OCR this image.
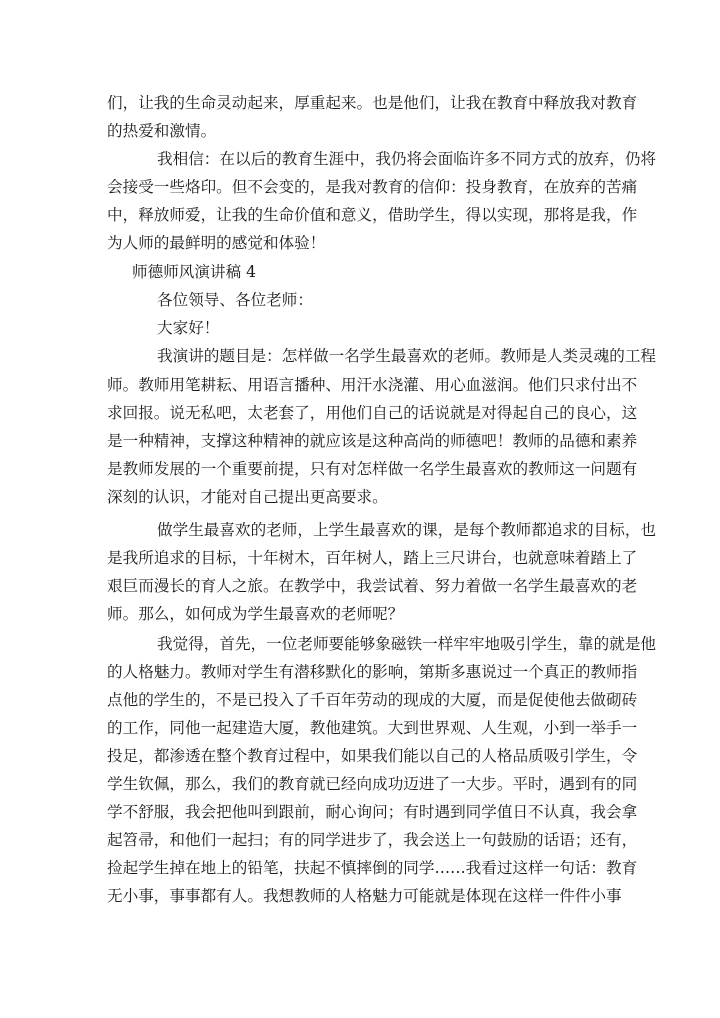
们，让我的生命灵动起来，厚重起来。也是他们，让我在教育中释放我对教育
的热爱和激情。
我相信：在以后的教育生涯中，我仍将会面临许多不同方式的放弃，仍将
会接受一些烙印。但不会变的，是我对教育的信仰：投身教育，在放弃的苦痛
中，释放师爱，让我的生命价值和意义，借助学生，得以实现，那将是我，作
为人师的最鲜明的感觉和体验！
师德师风演讲稿 4
各位领导、各位老师：
大家好！
我演讲的题目是：怎样做一名学生最喜欢的老师。教师是人类灵魂的工程
师。教师用笔耕耘、用语言播种、用汗水浇灌、用心血滋润。他们只求付出不
求回报。说无私吧，太老套了，用他们自己的话说就是对得起自己的良心，这
是一种精神，支撑这种精神的就应该是这种高尚的师德吧！教师的品德和素养
是教师发展的一个重要前提，只有对怎样做一名学生最喜欢的教师这一问题有
深刻的认识，才能对自己提出更高要求。
做学生最喜欢的老师，上学生最喜欢的课，是每个教师都追求的目标，也
是我所追求的目标，十年树木，百年树人，踏上三尺讲台，也就意味着踏上了
艰巨而漫长的育人之旅。在教学中，我尝试着、努力着做一名学生最喜欢的老
师。那么，如何成为学生最喜欢的老师呢？
我觉得，首先，一位老师要能够象磁铁一样牢牢地吸引学生，靠的就是他
的人格魅力。教师对学生有潜移默化的影响，第斯多惠说过一个真正的教师指
点他的学生的，不是已投入了千百年劳动的现成的大厦，而是促使他去做砌砖
的工作，同他一起建造大厦，教他建筑。大到世界观、人生观，小到一举手一
投足，都渗透在整个教育过程中，如果我们能以自己的人格品质吸引学生，令
学生钦佩，那么，我们的教育就已经向成功迈进了一大步。平时，遇到有的同
学不舒服，我会把他叫到跟前，耐心询问；有时遇到同学值日不认真，我会拿
起笤帚，和他们一起扫；有的同学进步了，我会送上一句鼓励的话语；还有，
捡起学生掉在地上的铅笔，扶起不慎摔倒的同学……我看过这样一句话：教育
无小事，事事都有人。我想教师的人格魅力可能就是体现在这样一件件小事
